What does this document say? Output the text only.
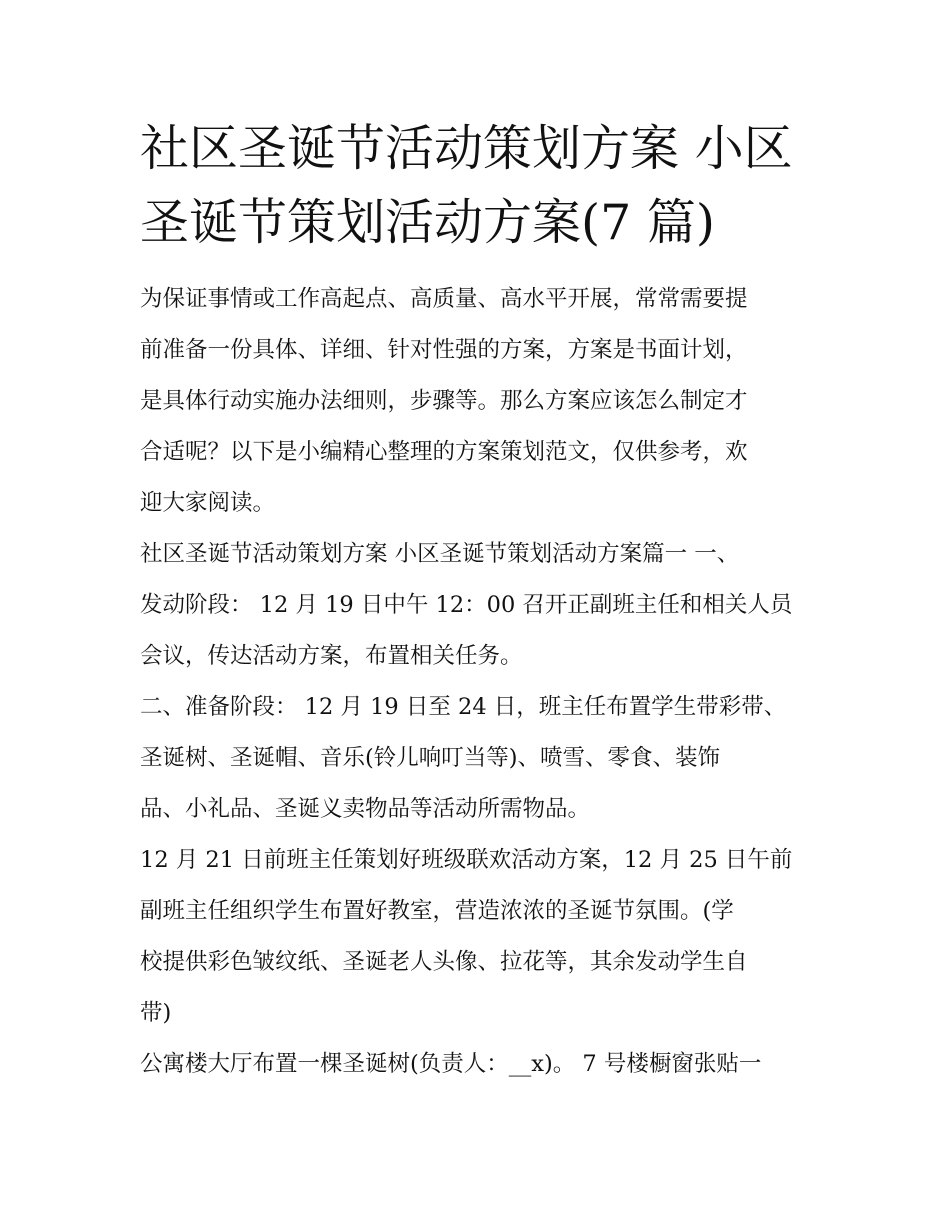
社区圣诞节活动策划方案 小区
圣诞节策划活动方案(7 篇)

为保证事情或工作高起点、高质量、高水平开展，常常需要提
前准备一份具体、详细、针对性强的方案，方案是书面计划，
是具体行动实施办法细则，步骤等。那么方案应该怎么制定才
合适呢？以下是小编精心整理的方案策划范文，仅供参考，欢
迎大家阅读。

社区圣诞节活动策划方案 小区圣诞节策划活动方案篇一 一、
发动阶段： 12 月 19 日中午 12：00 召开正副班主任和相关人员
会议，传达活动方案，布置相关任务。

二、准备阶段： 12 月 19 日至 24 日，班主任布置学生带彩带、
圣诞树、圣诞帽、音乐(铃儿响叮当等)、喷雪、零食、装饰
品、小礼品、圣诞义卖物品等活动所需物品。

12 月 21 日前班主任策划好班级联欢活动方案，12 月 25 日午前
副班主任组织学生布置好教室，营造浓浓的圣诞节氛围。(学
校提供彩色皱纹纸、圣诞老人头像、拉花等，其余发动学生自
带)

公寓楼大厅布置一棵圣诞树(负责人：__x)。 7 号楼橱窗张贴一
